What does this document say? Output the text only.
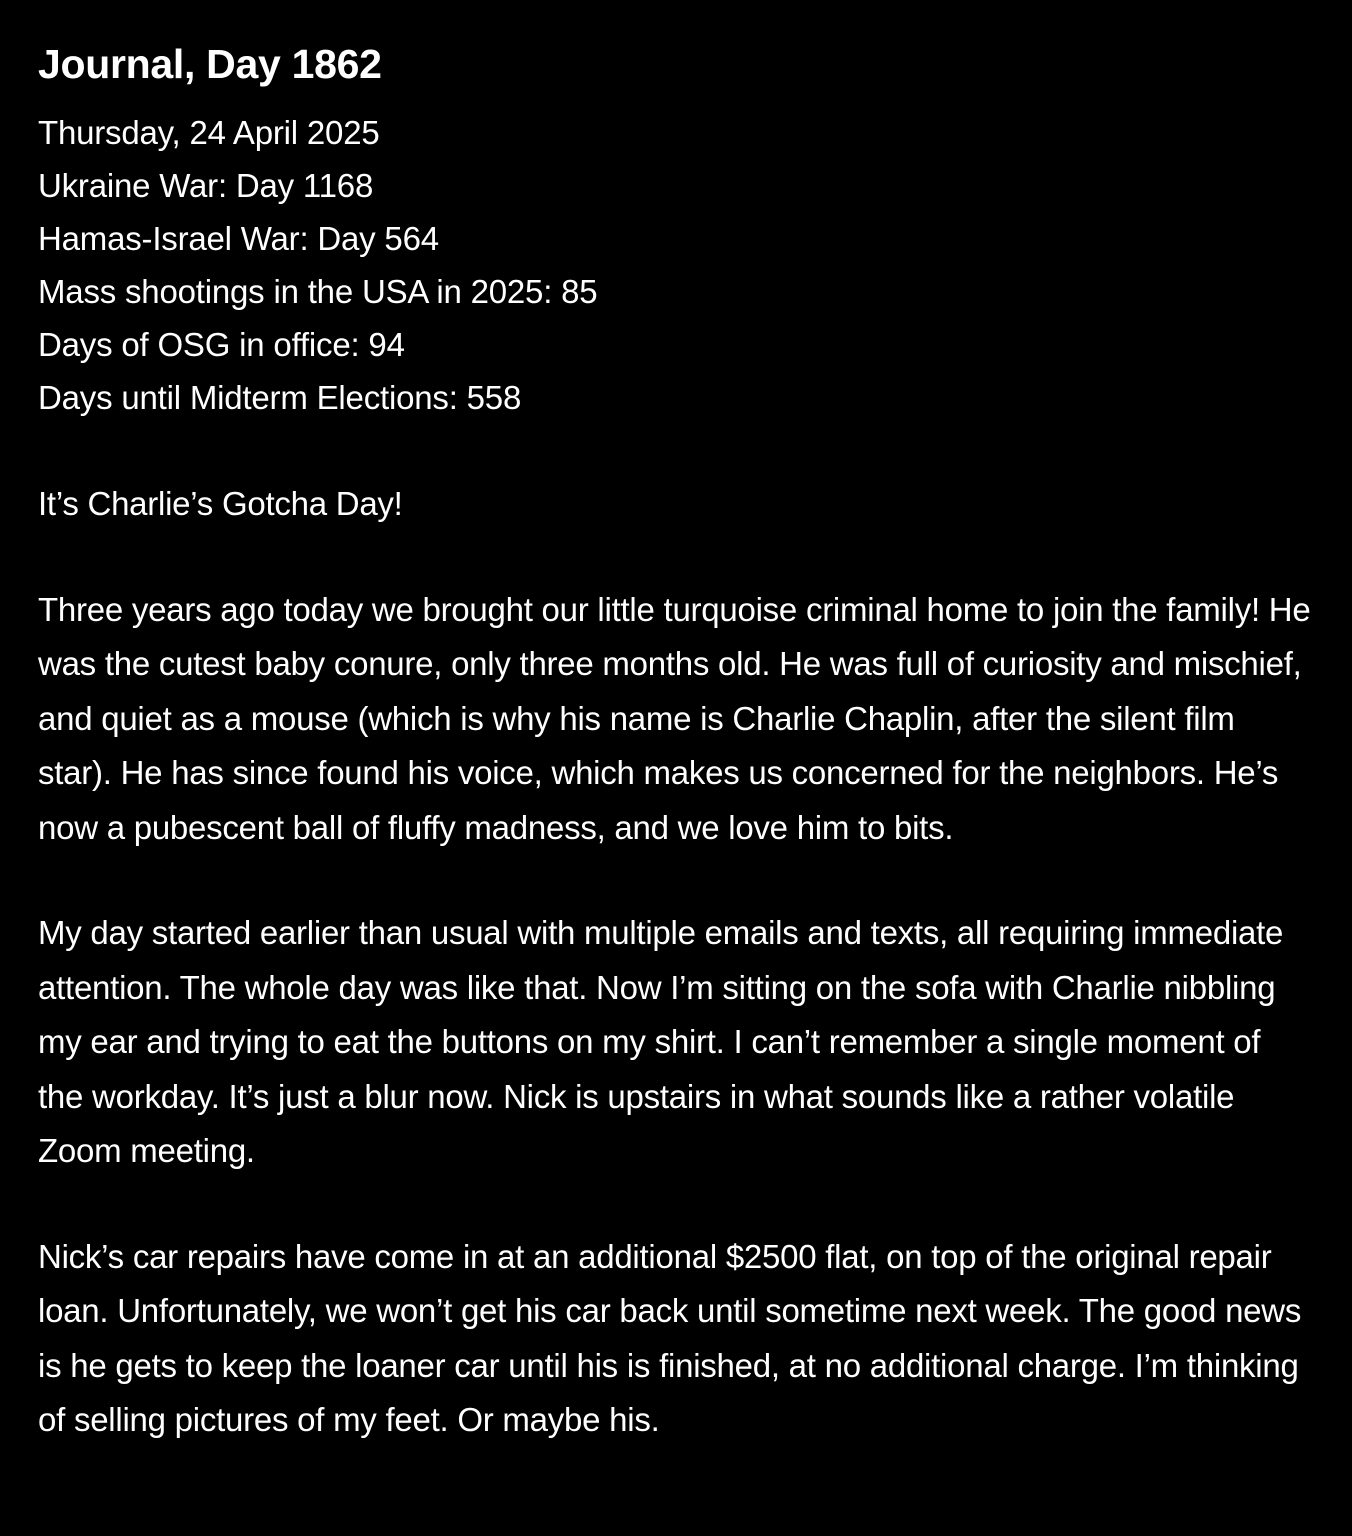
Journal, Day 1862
Thursday, 24 April 2025
Ukraine War: Day 1168
Hamas-Israel War: Day 564
Mass shootings in the USA in 2025: 85
Days of OSG in office: 94
Days until Midterm Elections: 558

It’s Charlie’s Gotcha Day!

Three years ago today we brought our little turquoise criminal home to join the family! He was the cutest baby conure, only three months old. He was full of curiosity and mischief, and quiet as a mouse (which is why his name is Charlie Chaplin, after the silent film star). He has since found his voice, which makes us concerned for the neighbors. He’s now a pubescent ball of fluffy madness, and we love him to bits.

My day started earlier than usual with multiple emails and texts, all requiring immediate attention. The whole day was like that. Now I’m sitting on the sofa with Charlie nibbling my ear and trying to eat the buttons on my shirt. I can’t remember a single moment of the workday. It’s just a blur now. Nick is upstairs in what sounds like a rather volatile Zoom meeting.

Nick’s car repairs have come in at an additional $2500 flat, on top of the original repair loan. Unfortunately, we won’t get his car back until sometime next week. The good news is he gets to keep the loaner car until his is finished, at no additional charge. I’m thinking of selling pictures of my feet. Or maybe his.
